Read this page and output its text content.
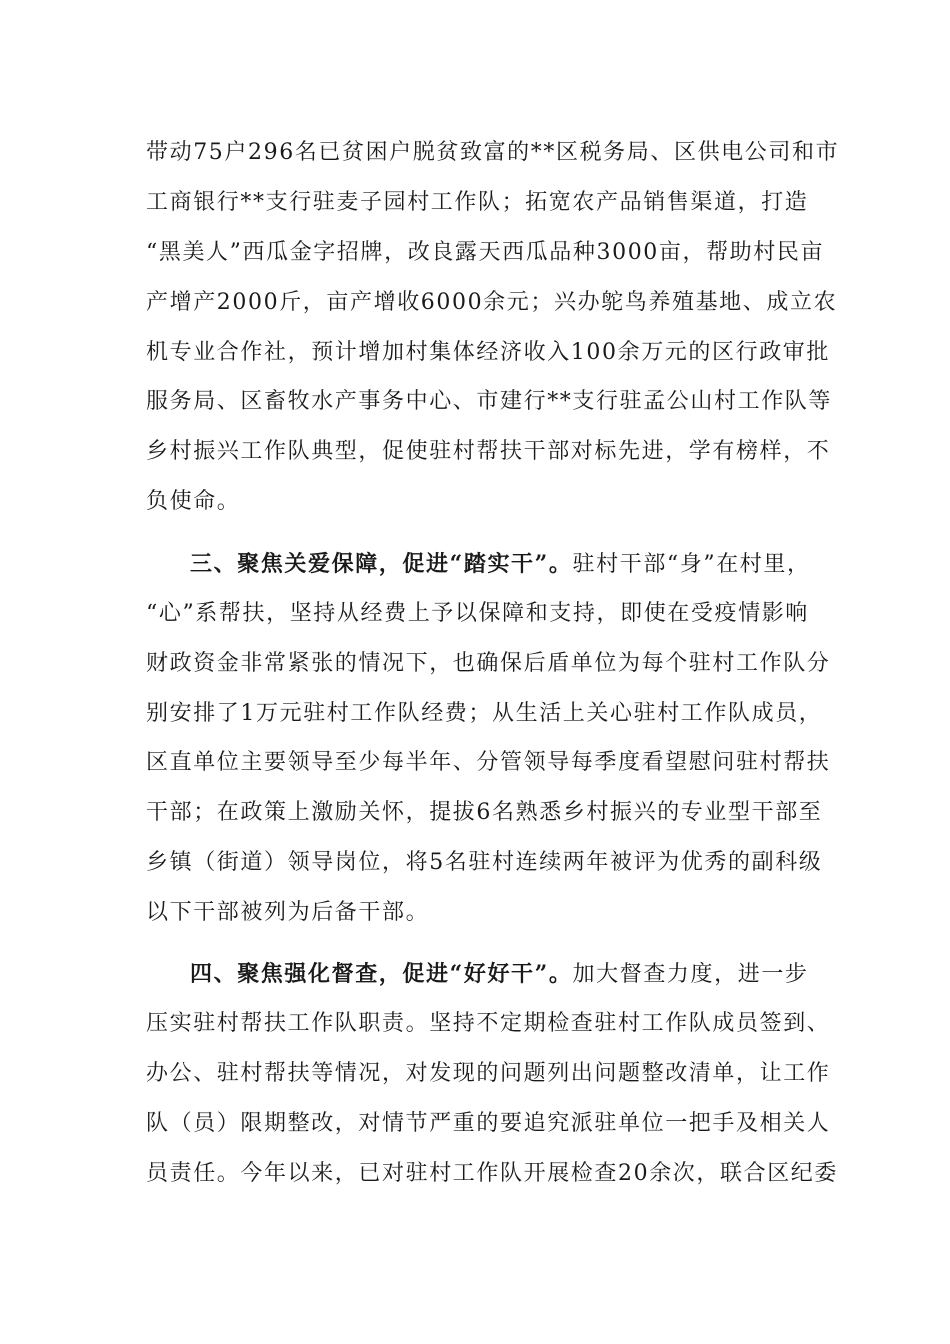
带动75户296名已贫困户脱贫致富的**区税务局、区供电公司和市
工商银行**支行驻麦子园村工作队；拓宽农产品销售渠道，打造
“黑美人”西瓜金字招牌，改良露天西瓜品种3000亩，帮助村民亩
产增产2000斤，亩产增收6000余元；兴办鸵鸟养殖基地、成立农
机专业合作社，预计增加村集体经济收入100余万元的区行政审批
服务局、区畜牧水产事务中心、市建行**支行驻孟公山村工作队等
乡村振兴工作队典型，促使驻村帮扶干部对标先进，学有榜样，不
负使命。
三、聚焦关爱保障，促进“踏实干”。驻村干部“身”在村里，
“心”系帮扶，坚持从经费上予以保障和支持，即使在受疫情影响
财政资金非常紧张的情况下，也确保后盾单位为每个驻村工作队分
别安排了1万元驻村工作队经费；从生活上关心驻村工作队成员，
区直单位主要领导至少每半年、分管领导每季度看望慰问驻村帮扶
干部；在政策上激励关怀，提拔6名熟悉乡村振兴的专业型干部至
乡镇（街道）领导岗位，将5名驻村连续两年被评为优秀的副科级
以下干部被列为后备干部。
四、聚焦强化督查，促进“好好干”。加大督查力度，进一步
压实驻村帮扶工作队职责。坚持不定期检查驻村工作队成员签到、
办公、驻村帮扶等情况，对发现的问题列出问题整改清单，让工作
队（员）限期整改，对情节严重的要追究派驻单位一把手及相关人
员责任。今年以来，已对驻村工作队开展检查20余次，联合区纪委
